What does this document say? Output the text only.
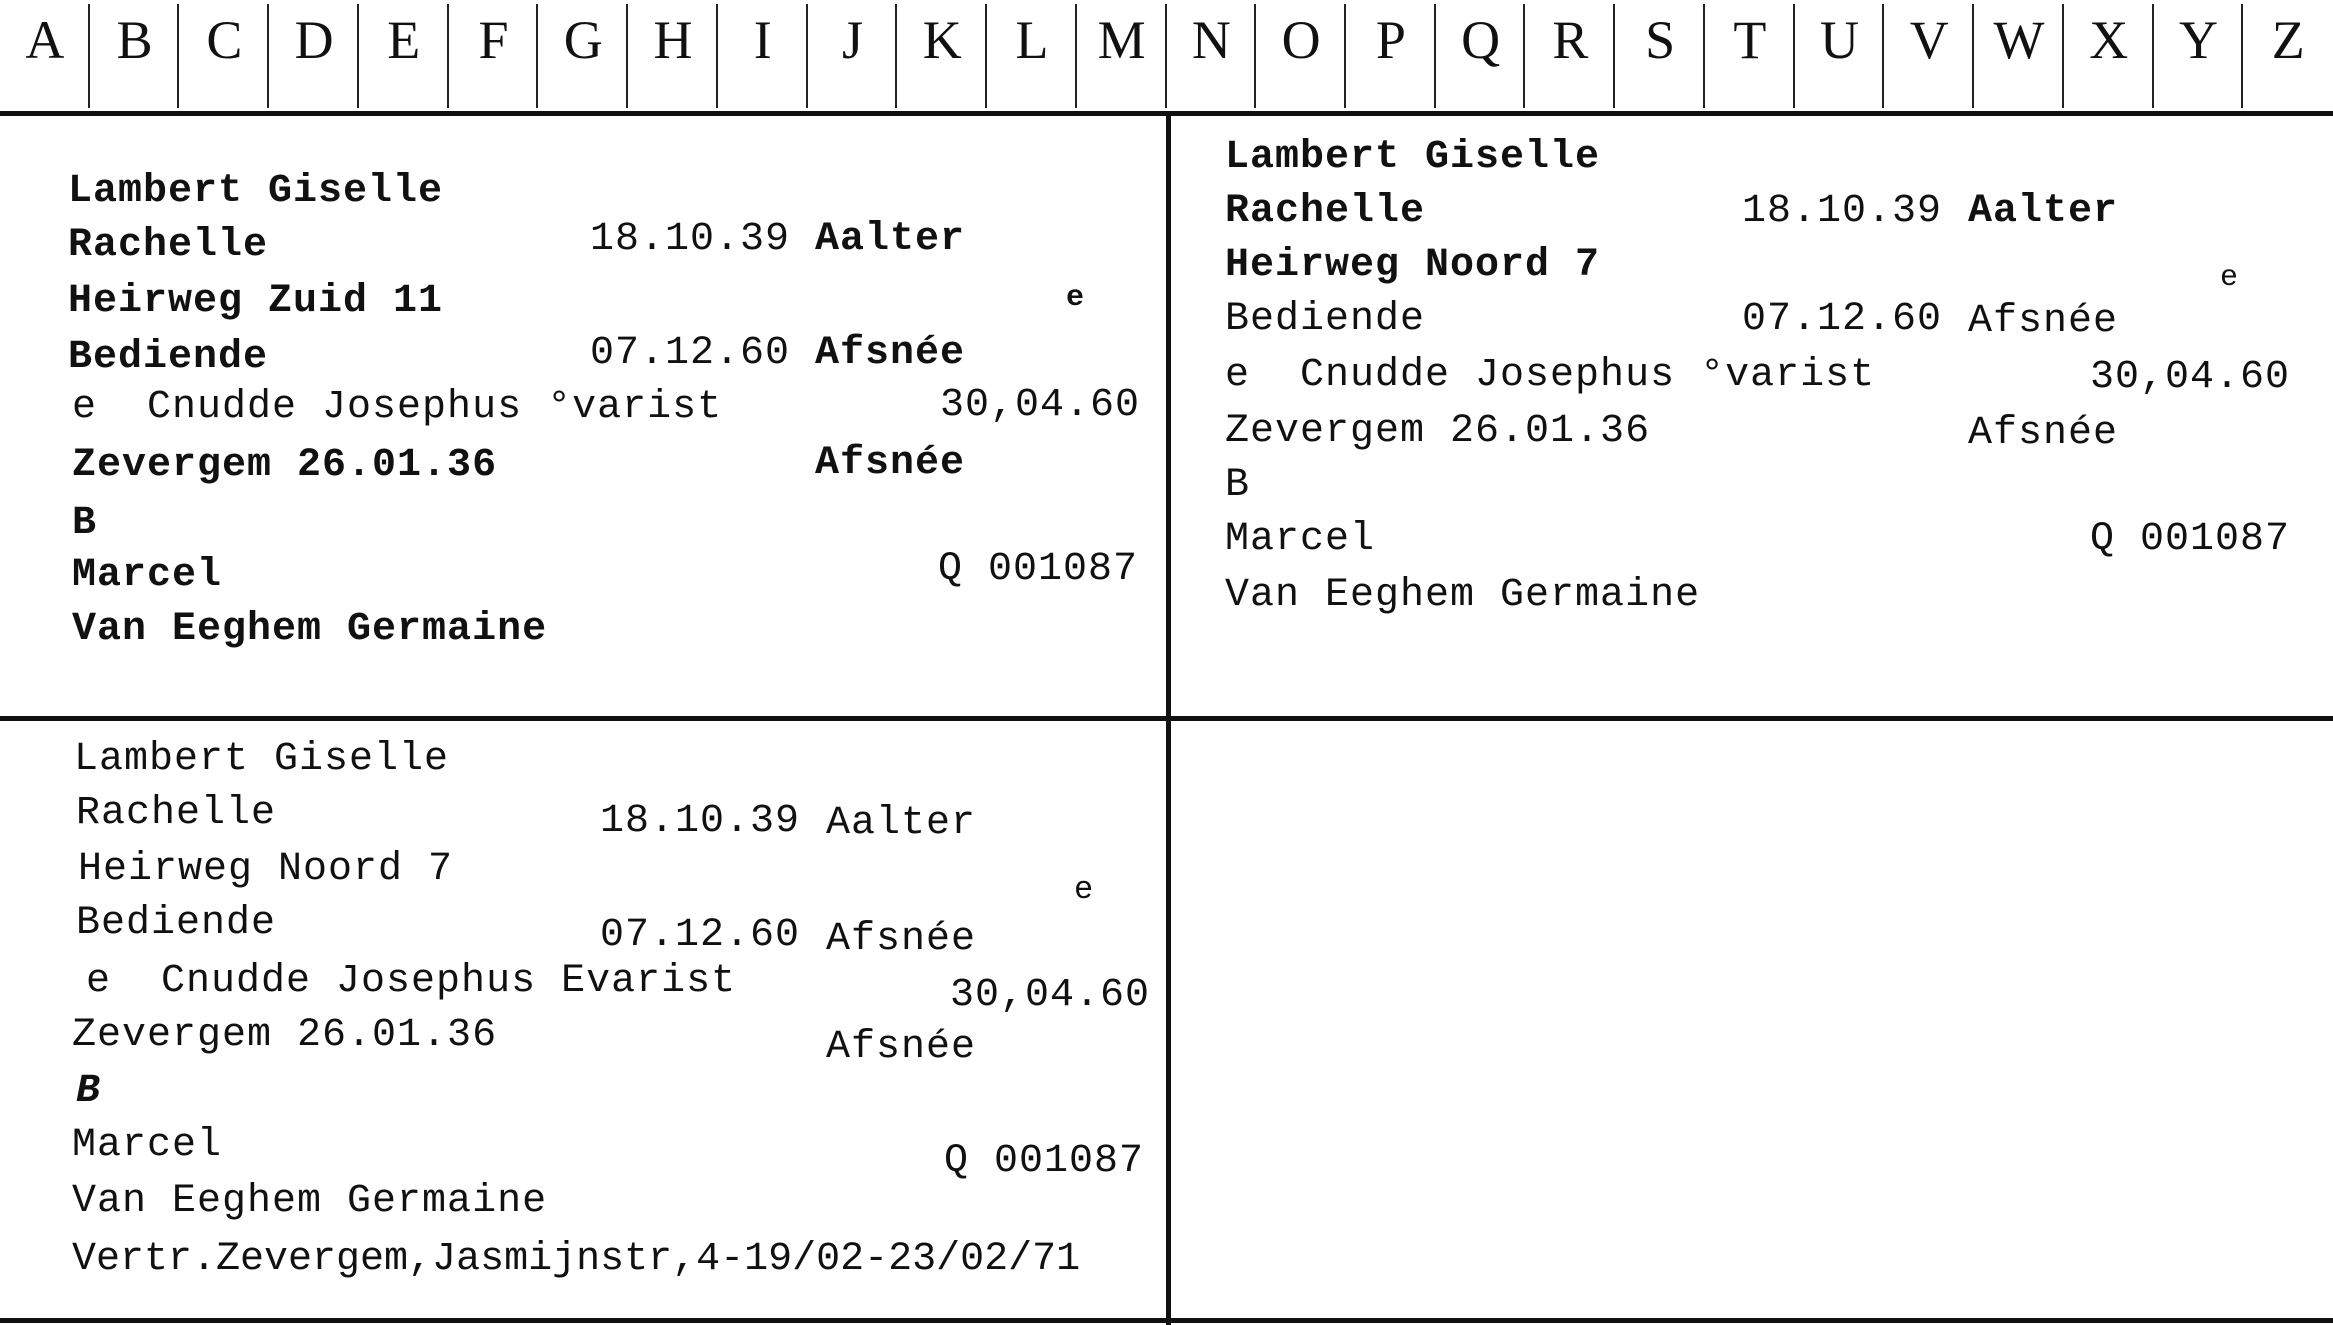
A B C D E	F	G H	I	J	K L M N O	P	Q R	S	T U V W X Y Z
Lambert Giselle
Rachelle	18.10.39 Aalter
Heirweg Zuid 11	e
Bediende	07.12.60 Afsnée
e  Cnudde Josephus °varist	30,04.60
Zevergem 26.01.36	Afsnée
B
Marcel	Q 001087
Van Eeghem Germaine
Lambert Giselle
Rachelle	18.10.39 Aalter
Heirweg Noord 7	e
Bediende	07.12.60 Afsnée
e  Cnudde Josephus °varist	30,04.60
Zevergem 26.01.36	Afsnée
B
Marcel	Q 001087
Van Eeghem Germaine
Lambert Giselle
Rachelle	18.10.39 Aalter
Heirweg Noord 7	e
Bediende	07.12.60 Afsnée
e  Cnudde Josephus Evarist	30,04.60
Zevergem 26.01.36	Afsnée
B
Marcel	Q 001087
Van Eeghem Germaine
Vertr.Zevergem,Jasmijnstr,4-19/02-23/02/71
